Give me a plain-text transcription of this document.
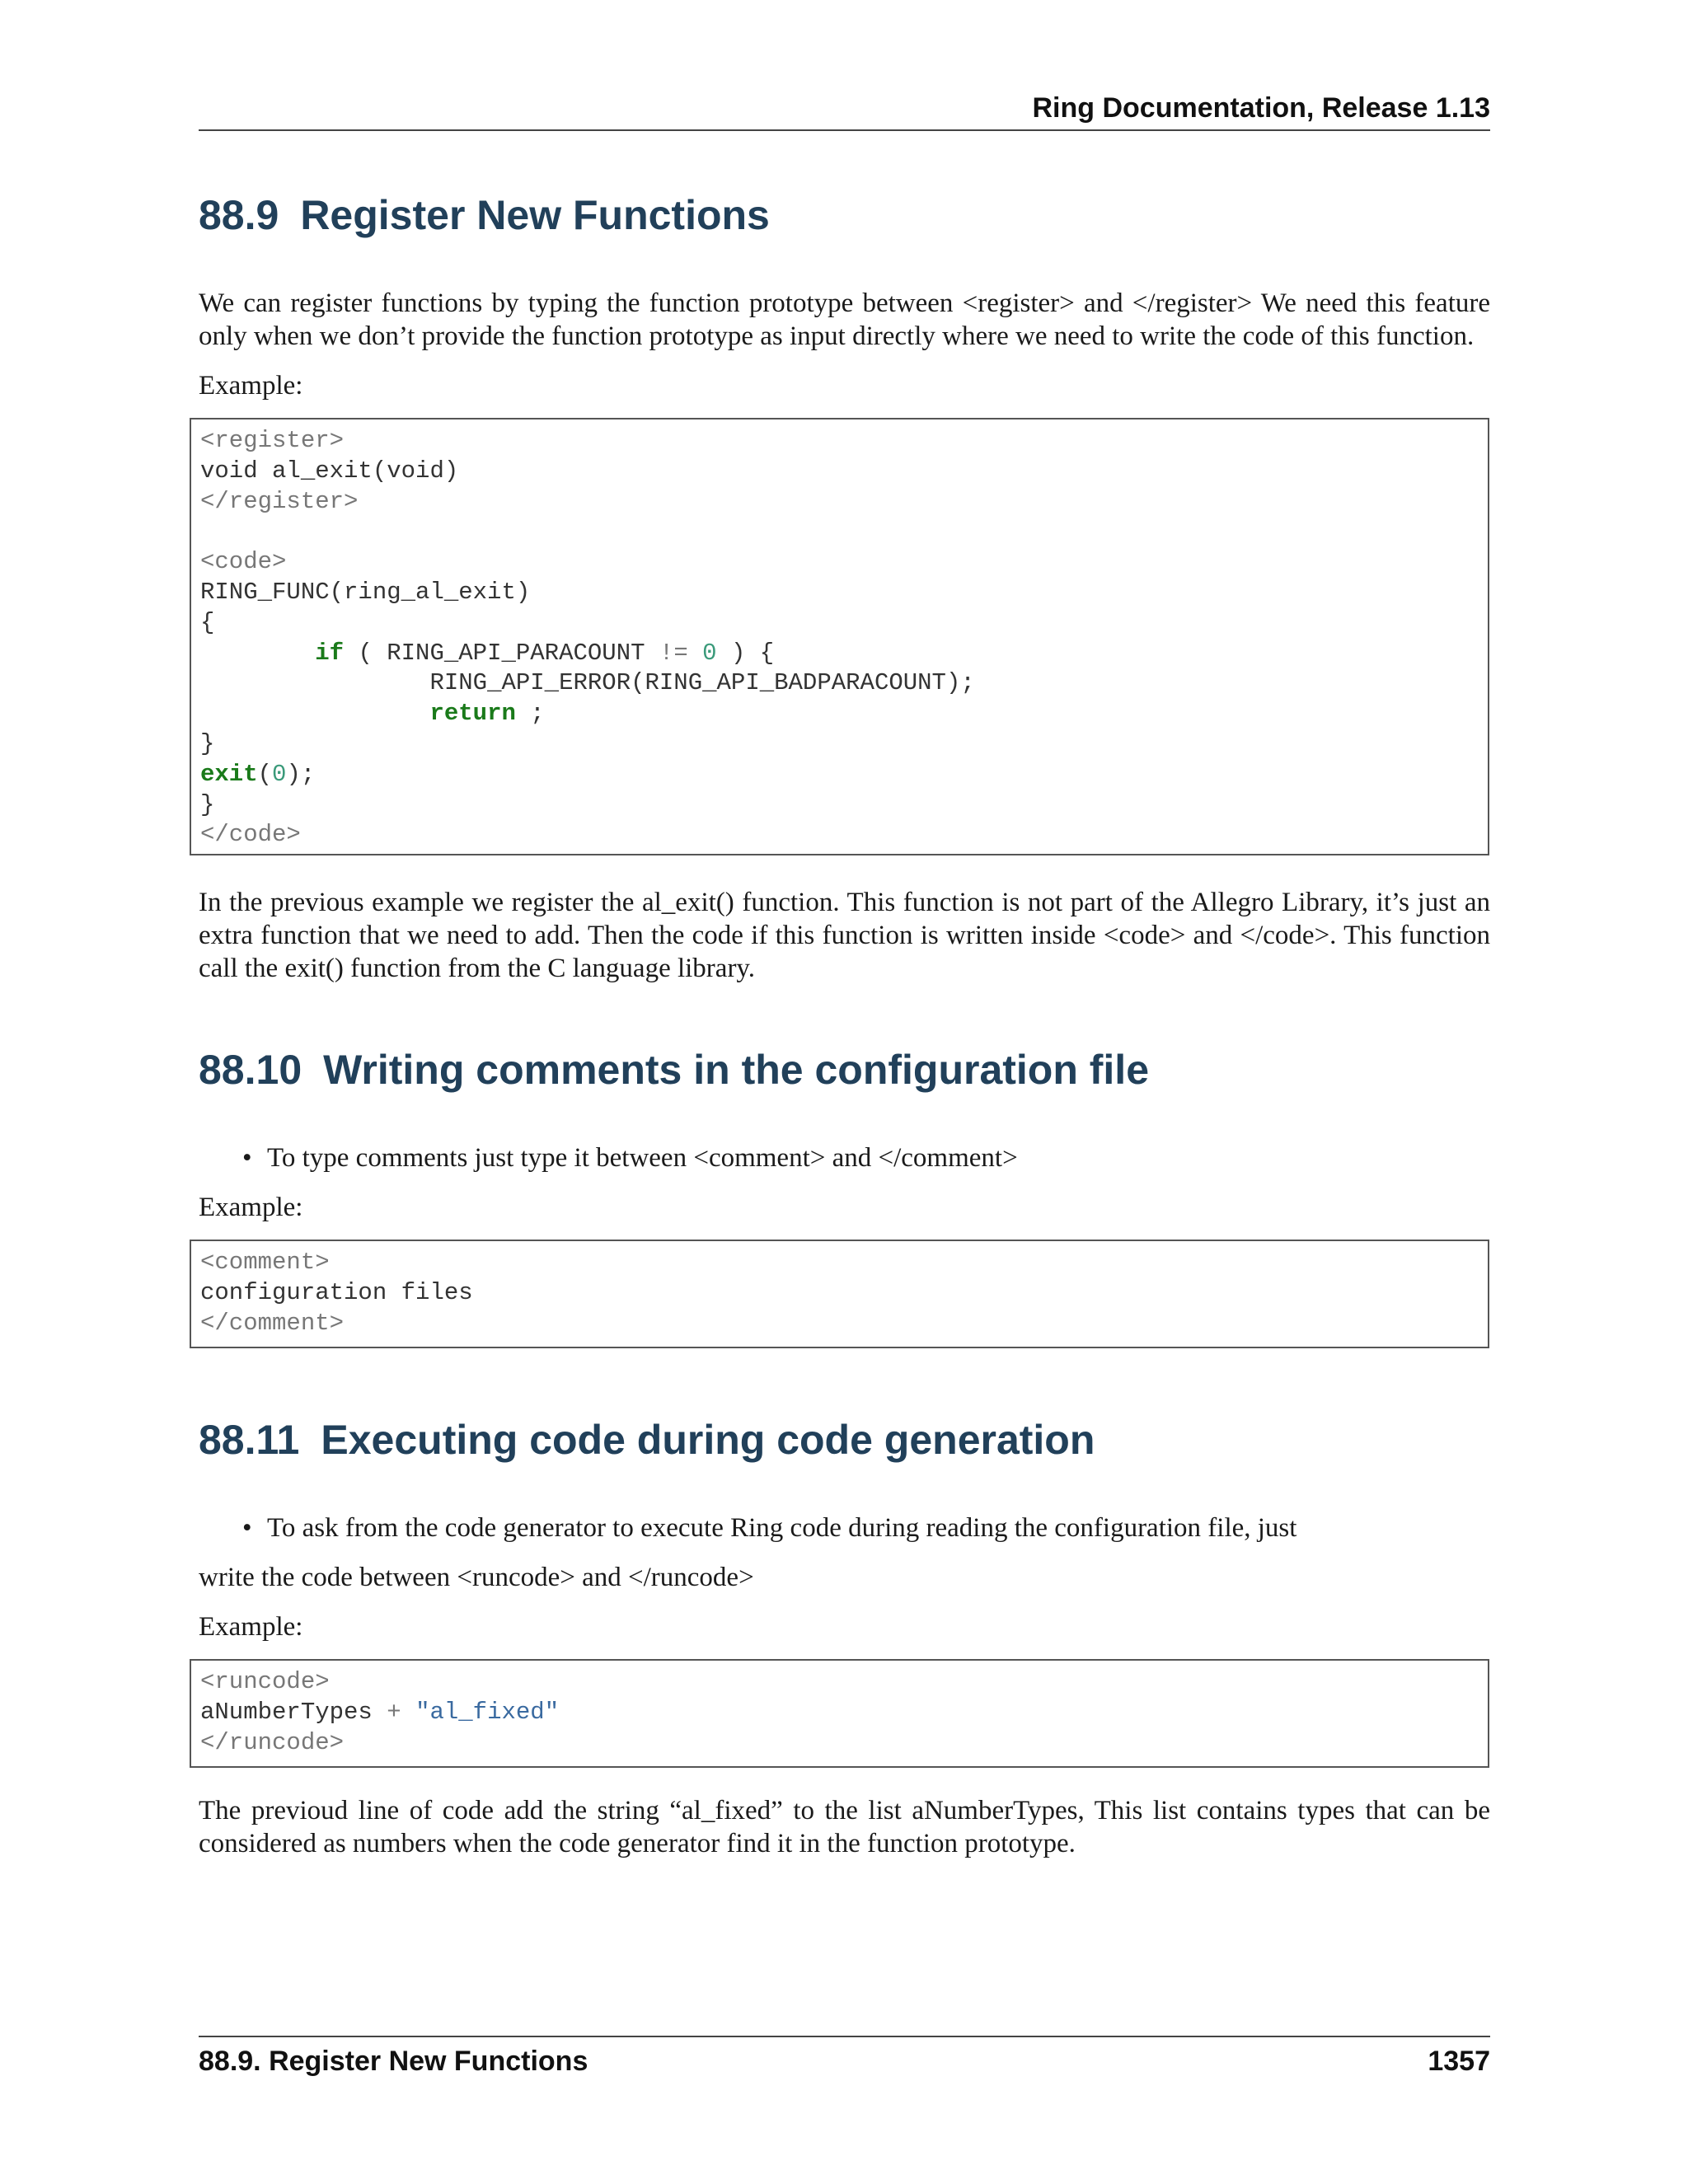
Ring Documentation, Release 1.13
88.9 Register New Functions

We can register functions by typing the function prototype between <register> and </register> We need this feature
only when we don’t provide the function prototype as input directly where we need to write the code of this function.

Example:

<register>
void al_exit(void)
</register>

<code>
RING_FUNC(ring_al_exit)
{
if ( RING_API_PARACOUNT != 0 ) {
RING_API_ERROR(RING_API_BADPARACOUNT);
return ;
}
exit(0);
}
</code>

In the previous example we register the al_exit() function. This function is not part of the Allegro Library, it’s just an
extra function that we need to add. Then the code if this function is written inside <code> and </code>. This function
call the exit() function from the C language library.

88.10 Writing comments in the configuration file
• To type comments just type it between <comment> and </comment>

Example:

<comment>
configuration files
</comment>
88.11 Executing code during code generation
• To ask from the code generator to execute Ring code during reading the configuration file, just

write the code between <runcode> and </runcode>

Example:

<runcode>
aNumberTypes + "al_fixed"
</runcode>

The previoud line of code add the string “al_fixed” to the list aNumberTypes, This list contains types that can be
considered as numbers when the code generator find it in the function prototype.

88.9. Register New Functions	1357
